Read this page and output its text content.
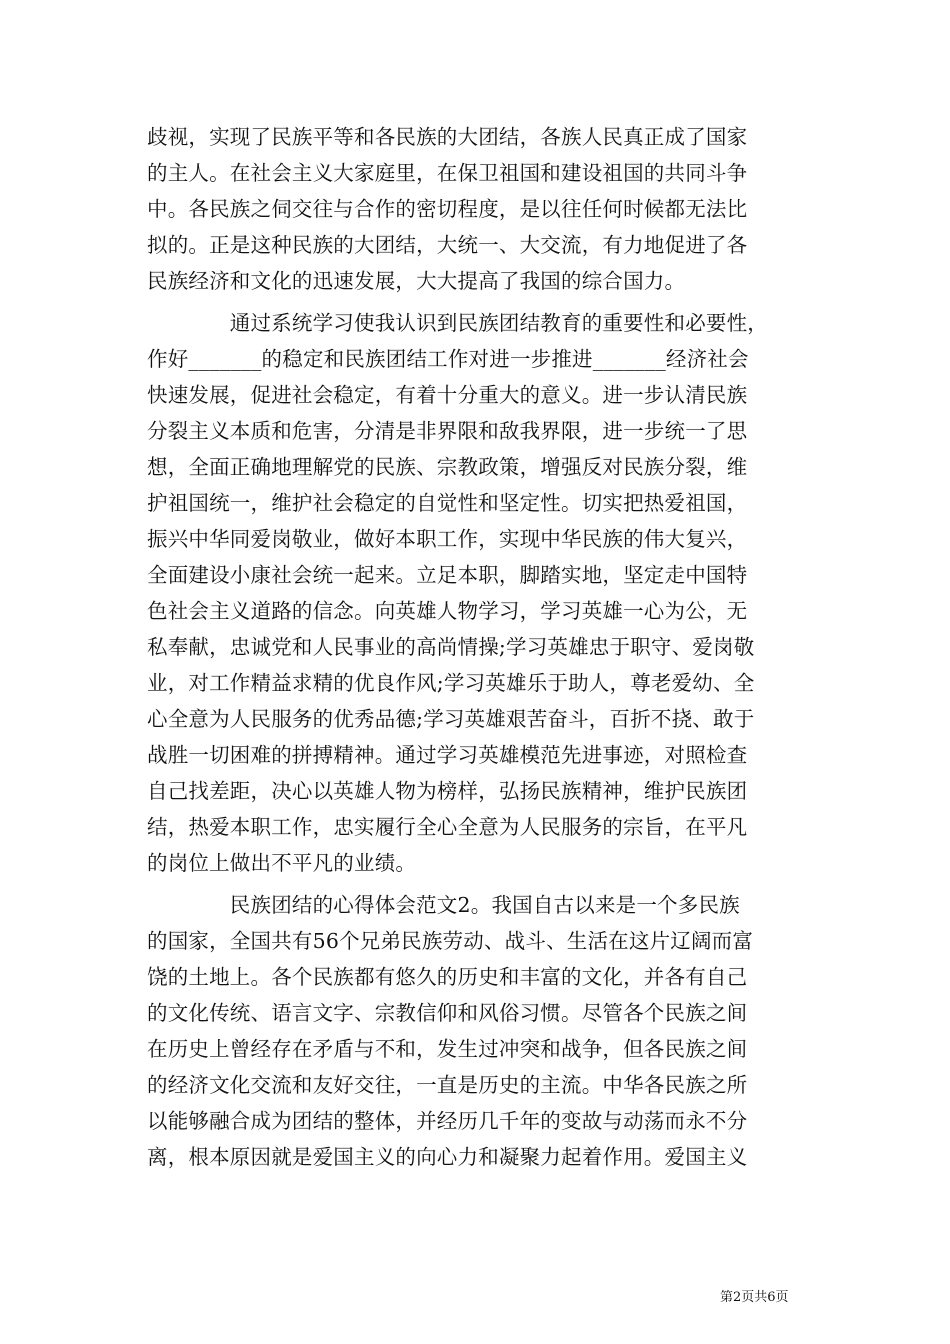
歧视，实现了民族平等和各民族的大团结，各族人民真正成了国家
的主人。在社会主义大家庭里，在保卫祖国和建设祖国的共同斗争
中。各民族之伺交往与合作的密切程度，是以往任何时候都无法比
拟的。正是这种民族的大团结，大统一、大交流，有力地促进了各
民族经济和文化的迅速发展，大大提高了我国的综合国力。
　　　　通过系统学习使我认识到民族团结教育的重要性和必要性，
作好_______的稳定和民族团结工作对进一步推进_______经济社会
快速发展，促进社会稳定，有着十分重大的意义。进一步认清民族
分裂主义本质和危害，分清是非界限和敌我界限，进一步统一了思
想，全面正确地理解党的民族、宗教政策，增强反对民族分裂，维
护祖国统一，维护社会稳定的自觉性和坚定性。切实把热爱祖国，
振兴中华同爱岗敬业，做好本职工作，实现中华民族的伟大复兴，
全面建设小康社会统一起来。立足本职，脚踏实地，坚定走中国特
色社会主义道路的信念。向英雄人物学习，学习英雄一心为公，无
私奉献，忠诚党和人民事业的高尚情操;学习英雄忠于职守、爱岗敬
业，对工作精益求精的优良作风;学习英雄乐于助人，尊老爱幼、全
心全意为人民服务的优秀品德;学习英雄艰苦奋斗，百折不挠、敢于
战胜一切困难的拼搏精神。通过学习英雄模范先进事迹，对照检查
自己找差距，决心以英雄人物为榜样，弘扬民族精神，维护民族团
结，热爱本职工作，忠实履行全心全意为人民服务的宗旨，在平凡
的岗位上做出不平凡的业绩。
　　　　民族团结的心得体会范文2。我国自古以来是一个多民族
的国家，全国共有56个兄弟民族劳动、战斗、生活在这片辽阔而富
饶的土地上。各个民族都有悠久的历史和丰富的文化，并各有自己
的文化传统、语言文字、宗教信仰和风俗习惯。尽管各个民族之间
在历史上曾经存在矛盾与不和，发生过冲突和战争，但各民族之间
的经济文化交流和友好交往，一直是历史的主流。中华各民族之所
以能够融合成为团结的整体，并经历几千年的变故与动荡而永不分
离，根本原因就是爱国主义的向心力和凝聚力起着作用。爱国主义
第2页共6页
